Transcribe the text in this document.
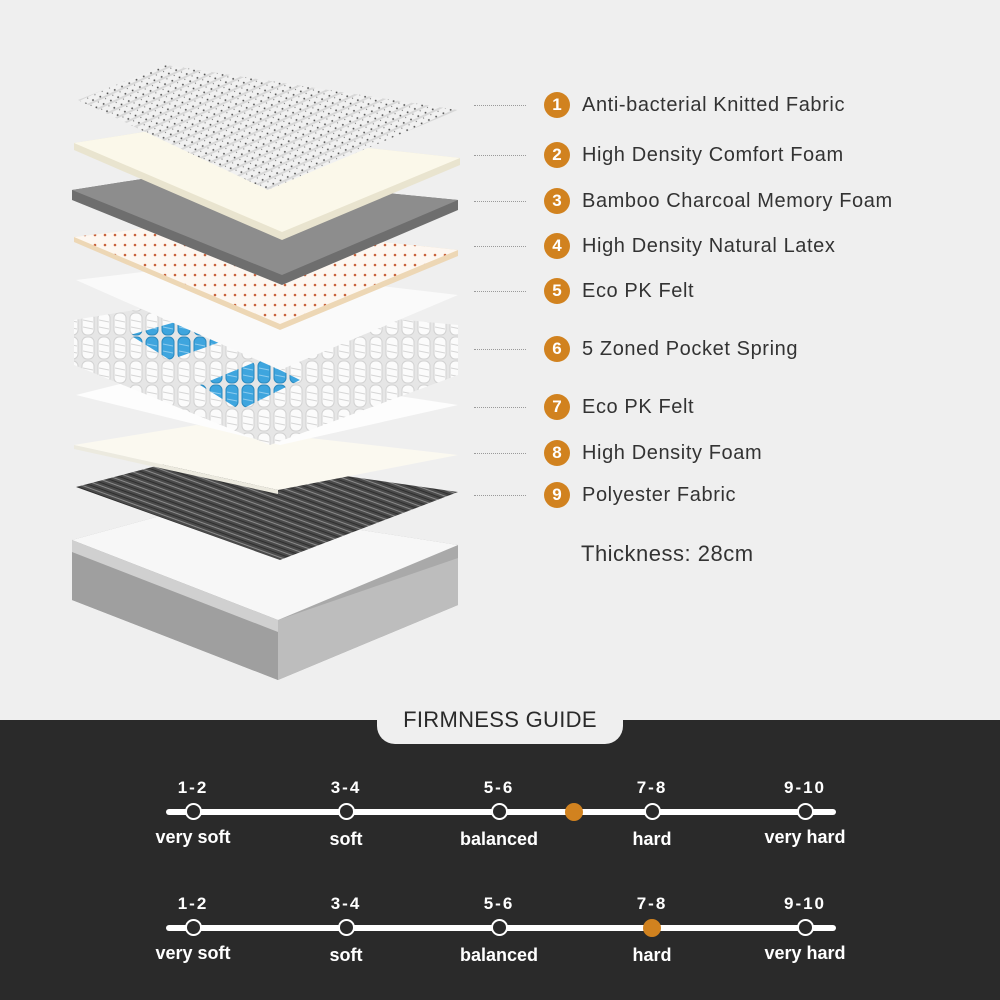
1	Anti-bacterial Knitted Fabric
2	High Density Comfort Foam
3	Bamboo Charcoal Memory Foam
4	High Density Natural Latex
5	Eco PK Felt
6	5 Zoned Pocket Spring
7	Eco PK Felt
8	High Density Foam
9	Polyester Fabric
Thickness: 28cm
FIRMNESS GUIDE
1-2	3-4	5-6	7-8	9-10
very soft	soft	balanced	hard	very hard
1-2	3-4	5-6	7-8	9-10
very soft	soft	balanced	hard	very hard
